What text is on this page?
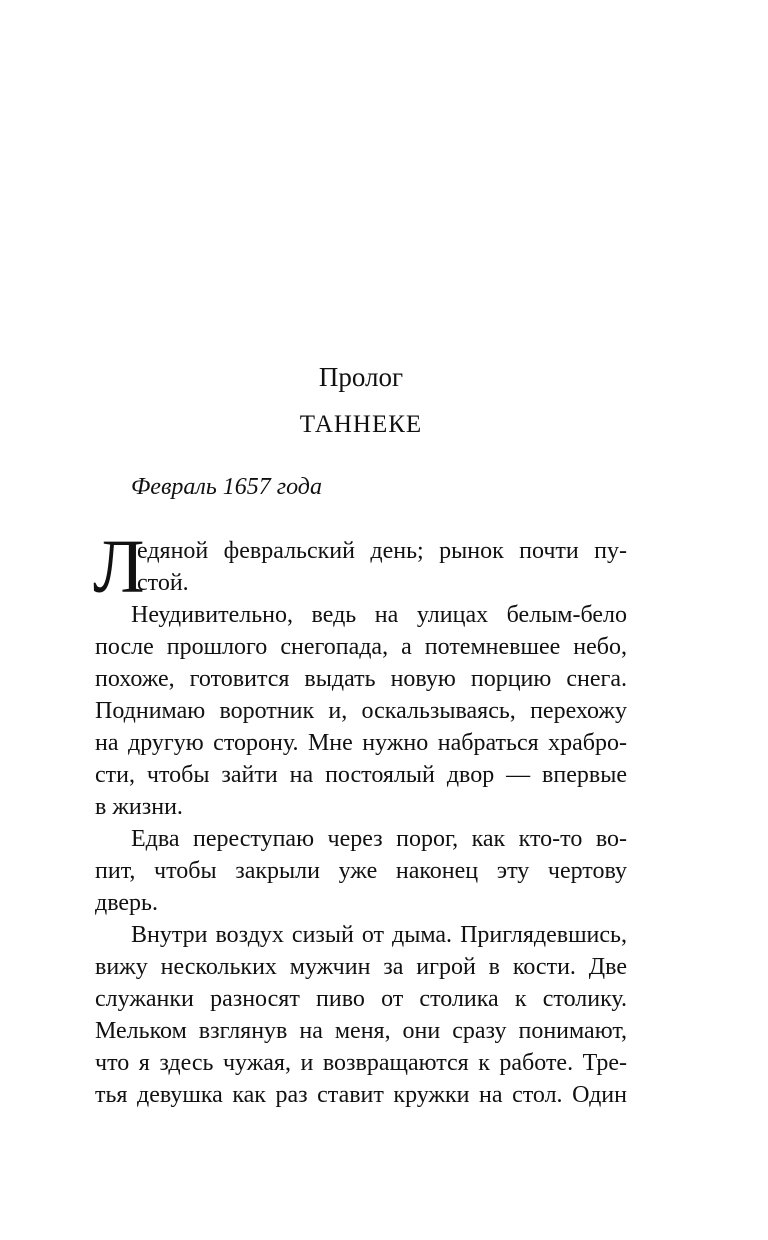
Пролог
ТАННЕКЕ
Февраль 1657 года
Л
едяной февральский день; рынок почти пу-
стой.
Неудивительно, ведь на улицах белым-бело
после прошлого снегопада, а потемневшее небо,
похоже, готовится выдать новую порцию снега.
Поднимаю воротник и, оскальзываясь, перехожу
на другую сторону. Мне нужно набраться храбро-
сти, чтобы зайти на постоялый двор — впервые
в жизни.
Едва переступаю через порог, как кто-то во-
пит, чтобы закрыли уже наконец эту чертову
дверь.
Внутри воздух сизый от дыма. Приглядевшись,
вижу нескольких мужчин за игрой в кости. Две
служанки разносят пиво от столика к столику.
Мельком взглянув на меня, они сразу понимают,
что я здесь чужая, и возвращаются к работе. Тре-
тья девушка как раз ставит кружки на стол. Один
